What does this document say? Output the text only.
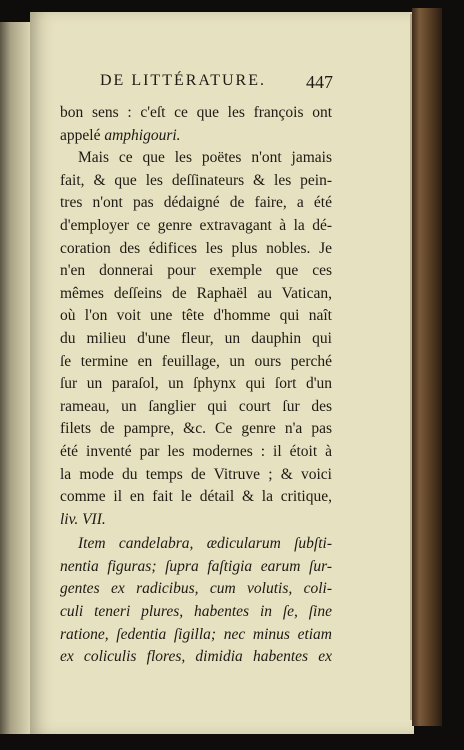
DE LITTÉRATURE.	447
bon sens : c'eſt ce que les françois ont
appelé amphigouri.
Mais ce que les poëtes n'ont jamais
fait, & que les deſſinateurs & les pein-
tres n'ont pas dédaigné de faire, a été
d'employer ce genre extravagant à la dé-
coration des édifices les plus nobles. Je
n'en donnerai pour exemple que ces
mêmes deſſeins de Raphaël au Vatican,
où l'on voit une tête d'homme qui naît
du milieu d'une fleur, un dauphin qui
ſe termine en feuillage, un ours perché
ſur un paraſol, un ſphynx qui ſort d'un
rameau, un ſanglier qui court ſur des
filets de pampre, &c. Ce genre n'a pas
été inventé par les modernes : il étoit à
la mode du temps de Vitruve ; & voici
comme il en fait le détail & la critique,
liv. VII.
Item candelabra, ædicularum ſubſti-
nentia figuras; ſupra faſtigia earum ſur-
gentes ex radicibus, cum volutis, coli-
culi teneri plures, habentes in ſe, ſine
ratione, ſedentia ſigilla; nec minus etiam
ex coliculis flores, dimidia habentes ex
